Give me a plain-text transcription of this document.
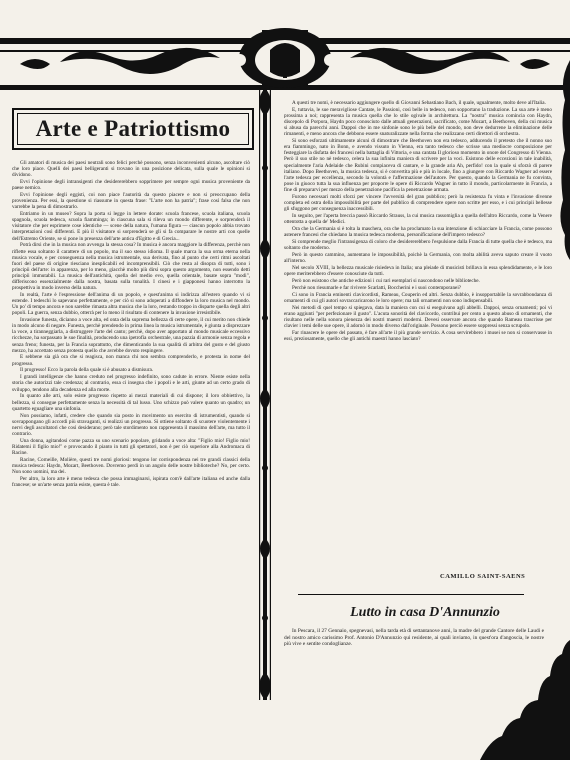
Arte e Patriottismo

Gli amatori di musica dei paesi neutrali sono felici perchè possono, senza inconvenienti alcuno, ascoltare ciò che loro piace. Quelli dei paesi belligeranti si trovano in una posizione delicata, sulla quale le opinioni si dividono.

Evvi l'opinione degli intransigenti che desidererebbero sopprimere per sempre ogni musica proveniente da paese nemico.

Evvi l'opinione degli eggisti, coi non piace l'autorità da questo piacere e non si preoccupano della provenienza. Per essi, la questione si riassume in questa frase: "L'arte non ha patria"; frase così falsa che non varrebbe la pena di dimostrarlo.

Entriamo in un museo? Sopra la porta si legge in lettere dorate: scuola francese, scuola italiana, scuola spagnola, scuola tedesca, scuola fiamminga; in ciascuna sala si rileva un mondo differente, e sorprenderà il visitatore che per esprimere cose identiche — scene della natura, l'umana figura — ciascun popolo abbia trovato interpretazioni così differenti. E più il visitatore si sorprenderà se gli si fa comparare le nostre arti con quelle dell'Estremo Oriente, se si pone in presenza dell'arte antica d'Egitto e di Grecia...

Potrà dirsi che in la musica non avvenga la stessa cosa? In musica è ancora maggiore la differenza, perchè non riflette essa soltanto il carattere di un popolo, ma il suo stesso idioma. Il quale marca la sua orma eterna nella musica vocale, e per conseguenza nella musica istrumentale, sua derivata, fino al punto che certi ritmi ascoltati fuori del paese di origine riesciano inesplicabili ed incomprensibili. Ciò che resta al disopra di tutti, sono i principii dell'arte: in apparenza, per lo meno, giacchè molto più dirsi sopra questo argomento, non essendo detti principii immutabili. La musica dell'antichità, quella del medio evo, quella orientale, basate sopra "modi", differiscono essenzialmente dalla nostra, basata sulla tonalità. I cinesi e i giapponesi hanno interrotto la prospettiva in modo inverso della natura.

In realtà, l'arte è l'espressione dell'anima di un popolo, e quest'anima si indirizza all'estero quando vi si estende. I tedeschi lo sapevano perfettamente, e per ciò si sono adoperati a diffondere la loro musica nel mondo. Un po' di tempo ancora e non sarebbe rimasta altra musica che la loro, restando troppo in disparte quella degli altri popoli. La guerra, senza dubbio, otterrà per lo meno il risultato di contenere la invasione irresistibile.

Invasione funesta, dicianno a voce alta, ed onta della suprema bellezza di certe opere, il cui merito non chiede in modo alcuno di negare. Funesta, perchè prendendo in prima linea la musica istrumentale, è giunta a disprezzare la voce, a tiranneggiarla, a distruggere l'arte del canto; perchè, dopo aver apportato al mondo musicale eccessivo ricchezze, ha sorpassato le sue finalità, producendo una ipetrofia orchestrale, una pazzia di armonie senza regola e senza freno; funesta, per la Francia soprattutto, che dimenticando la sua qualità di arbitra del gusto e del giusto mezzo, ha accettato senza protesta quello che avrebbe dovuto respingere.

E sebbene sia già ora che si reagisca, non manca chi non sembra comprenderlo, e protesta in nome del progresso.

Il progresso! Ecco la parola della quale si è abusato a dismisura.

I grandi intelligenze che hanno creduto nel progresso indefinito, sono cadute in errore. Niente esiste nella storia che autorizzi tale credenza; al contrario, essa ci insegna che i popoli e le arti, giunte ad un certo grado di sviluppo, tendono alla decadenza ed alla morte.

In quanto alle arti, solo esiste progresso rispetto ai mezzi materiali di cui dispone; il loro obbiettivo, la bellezza, si consegue perfettamente senza la necessità di tal lusso. Uno schizzo può valere quanto un quadro; un quartetto eguagliare una sinfonia.

Non possiamo, infatti, credere che quando sia posto in movimento un esercito di istrumentisti, quando si sovrappongano gli accordi più stravaganti, si realizzi un progresso. Si ottiene soltanto di scuotere violentemente i nervi degli ascoltatori che così desiderano; però tale stordimento non rappresenta il massimo dell'arte, ma tutto il contrario.

Una donna, agitandosi come pazza su uno scenario popolare, gridando a voce alta: "Figlio mio! Figlio mio! Ridatemi il figlio mio!" e provocando il pianto in tutti gli spettatori, non è per ciò superiore alla Andromaca di Racine.

Racine, Corneille, Molière, questi tre nomi gloriosi: tengono lor corrispondenza nei tre grandi classici della musica tedesca: Haydn, Mozart, Beethoven. Dovremo perdì in un angolo delle nostre biblioteche? No, per certo. Non sono uomini, ma dei.

Per altro, la loro arte è meno tedesca che possa immaginarsi, ispirata com'è dall'arte italiana ed anche dalla francese; se un'arte senza patria esiste, questa è tale.

A questi tre nomi, è necessario aggiungere quello di Giovanni Sebastiano Bach, il quale, ugualmente, molto deve all'Italia.

E, tuttavia, le sue meravigliose Cantate, le Passioni, così belle in tedesco, non sopportano la traduzione. La sua arte è meno prossima a noi; rappresenta la musica quella che lo stile ogivale in architettura. La "nostra" musica comincia con Haydn, discepolo di Porpora, Haydn poco conosciuto dalle attuali generazioni, sacrificato, come Mozart, a Beethoven, della cui musica si abusa da parecchi anni. Dappoi che in me sinfonie sono le più belle del mondo, non deve dedurrene la eliminazione delle rimanenti, e meno ancora che debbono essere snaturalizzate nella forma che realizzano certi direttori di orchestra.

Si sono esforzati ultimamente alcuni di dimostrare che Beethoven non era tedesco, adducendo il pretesto che il nonno suo era fiammingo, nato in Bonn, e avendo vissuto in Vienna, era tanto tedesco che scrisse una mediocre composizione per festeggiare la disfatta dei francesi nella battaglia di Vittoria, e una cantata Il glorioso momento in onore del Congresso di Vienna. Però il suo stile no nè tedesco, celera la sua infinita maniera di scrivere per la voci. Esistono delle eccezioni in tale inabilità, specialmente l'aria Adelaide che Rubini compiaceva di cantare, e la grande aria Ah, perfido! con la quale si sforzò di parere italiano. Dopo Beethoven, la musica tedesca, si è convertita più e più in locale, fino a giungere con Riccardo Wagner ad essere l'arte tedesca per eccellenza, secondo la volontà e l'affermazione dell'autore. Per questo, quando la Germania ne fu convinta, pose in giuoco tutta la sua influenza per proporre le opere di Riccardo Wagner in tutto il mondo, particolarmente in Francia, a fine di prepararvi per mezzo della penetrazione pacifica la penetrazione armata.

Furono necessari molti sforzi per vincere l'avversità del gran pubblico; però la resistenza fu vinta e l'invasione divenne completa ed ostra della impossibilità per parte del pubblico di comprendere opere non scritte per esso, e i cui principii bellesse gli sfuggono per conseguenza inaccessibili.

In seguito, per l'aperta breccia passò Riccardo Strauss, la cui musica rassomiglia a quella dell'altro Riccardo, come la Venere ottentotta a quella de' Medici.

Ora che la Germania si è tolta la maschera, ora che ha proclamato la sua intenzione di schiacciare la Francia, come possono astenere francesi che chiedano la musica tedesca moderna, personificazione dell'impero tedesco?

Si comprende meglio l'intransigenza di coloro che desidererebbero l'espulsione dalla Francia di tutte quella che è tedesco, ma soltanto che moderno.

Però in questo cammino, aumentano le impossibilità, poichè la Germania, con molta abilità aveva saputo creare il vuoto all'interno.

Nel secolo XVIII, la bellezza musicale risiedeva in Italia; una pleiade di musicisti brillava in essa splendidamente, e le loro opere meriterebbero d'essere conosciute da tutti.

Però non esistono che antiche edizioni i cui rari esemplari si nascondono nelle biblioteche.

Perchè non riesumarle e far rivivere Scarlatti, Boccherini e i suoi contemporanei?

Ci sono in Francia eminenti clavicordisti, Rameau, Couperin ed altri. Senza dubbio, è insopportabile la sovrabbondanza di ornamenti di cui gli autori sovraccaricarono le loro opere; ma tali ornamenti non sono indispensabili.

Nei metodi di quel tempo si spiegava, data la maniera con cui si eseguivano agli abbelli. Dappoi, senza ornamenti; poi vi erano aggiunti "per perfezionare il gusto". L'acuta sonorità del clavicordo, contribuì per cento a questo abuso di ornamenti, che risultano nelle nella sonora pienezza dei nostri maestri moderni. Devesi osservare ancora che quando Rameau trascrisse per clavier i temi delle sue opere, il adornò in modo diverso dall'originale. Possono perciò essere soppressi senza scrupolo.

Far rinascere le opere del passato, è fare all'arte il più grande servizio. A cosa servirebbero i musei se non si conservasse in essi, preziosamente, quello che gli antichi maestri hanno lasciato?

CAMILLO SAINT-SAENS
Lutto in casa D'Annunzio

In Pescara, il 27 Gennaio, spegnevasi, nella tarda età di settantanove anni, la madre del grande Cantore delle Laudi e del nostro amico carissimo Prof. Antonio D'Annunzio qui residente, ai quali inviamo, in quest'ora d'angoscia, le nostre più vive e sentite condoglianze.
